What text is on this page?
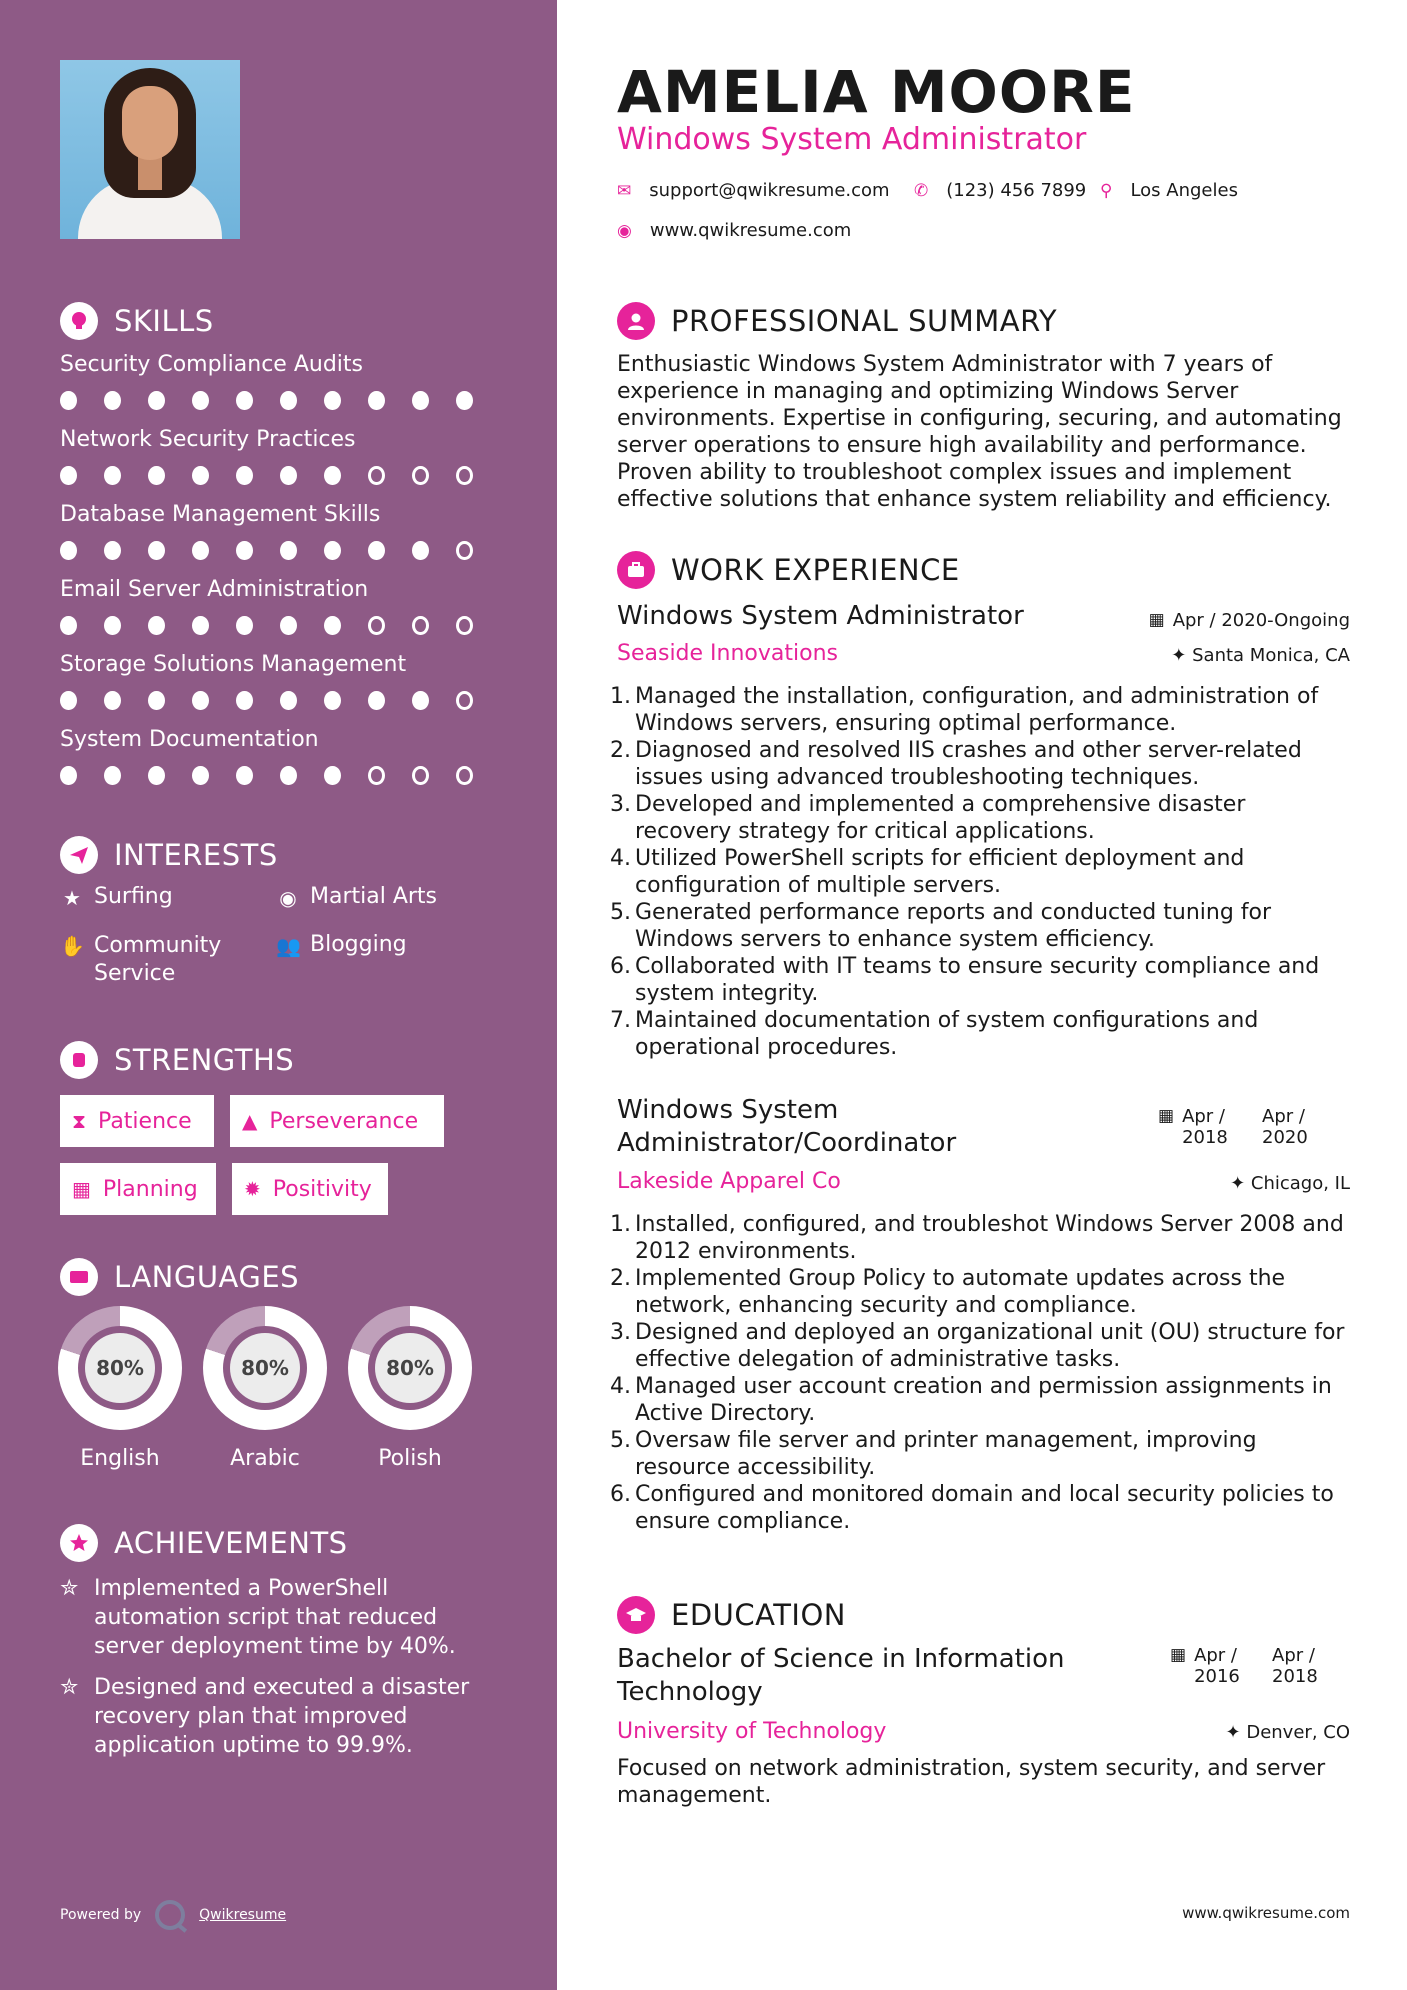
SKILLS
Security Compliance Audits
Network Security Practices
Database Management Skills
Email Server Administration
Storage Solutions Management
System Documentation
INTERESTS
★ Surfing	◉ Martial Arts
✋ Community Service
👥 Blogging
STRENGTHS
⧗ Patience	▲ Perseverance
▦ Planning ✹ Positivity
LANGUAGES
80%
English
80%
Arabic
80%
Polish
ACHIEVEMENTS
✮ Implemented a PowerShell automation script that reduced server deployment time by 40%.
✮ Designed and executed a disaster recovery plan that improved application uptime to 99.9%.
Powered by	Qwikresume
AMELIA MOORE
Windows System Administrator
✉ support@qwikresume.com ✆ (123) 456 7899 ⚲ Los Angeles
◉ www.qwikresume.com
PROFESSIONAL SUMMARY
Enthusiastic Windows System Administrator with 7 years of experience in managing and optimizing Windows Server environments. Expertise in configuring, securing, and automating server operations to ensure high availability and performance. Proven ability to troubleshoot complex issues and implement effective solutions that enhance system reliability and efficiency.
WORK EXPERIENCE
Windows System Administrator	▦ Apr / 2020-Ongoing
Seaside Innovations	✦ Santa Monica, CA
1. Managed the installation, configuration, and administration of Windows servers, ensuring optimal performance.
2. Diagnosed and resolved IIS crashes and other server-related issues using advanced troubleshooting techniques.
3. Developed and implemented a comprehensive disaster recovery strategy for critical applications.
4. Utilized PowerShell scripts for efficient deployment and configuration of multiple servers.
5. Generated performance reports and conducted tuning for Windows servers to enhance system efficiency.
6. Collaborated with IT teams to ensure security compliance and system integrity.
7. Maintained documentation of system configurations and operational procedures.
Windows System Administrator/Coordinator
▦ Apr / 2018
Apr / 2020
Lakeside Apparel Co	✦ Chicago, IL
1. Installed, configured, and troubleshot Windows Server 2008 and 2012 environments.
2. Implemented Group Policy to automate updates across the network, enhancing security and compliance.
3. Designed and deployed an organizational unit (OU) structure for effective delegation of administrative tasks.
4. Managed user account creation and permission assignments in Active Directory.
5. Oversaw file server and printer management, improving resource accessibility.
6. Configured and monitored domain and local security policies to ensure compliance.
EDUCATION
Bachelor of Science in Information Technology
▦ Apr / 2016
Apr / 2018
University of Technology	✦ Denver, CO
Focused on network administration, system security, and server management.
www.qwikresume.com
